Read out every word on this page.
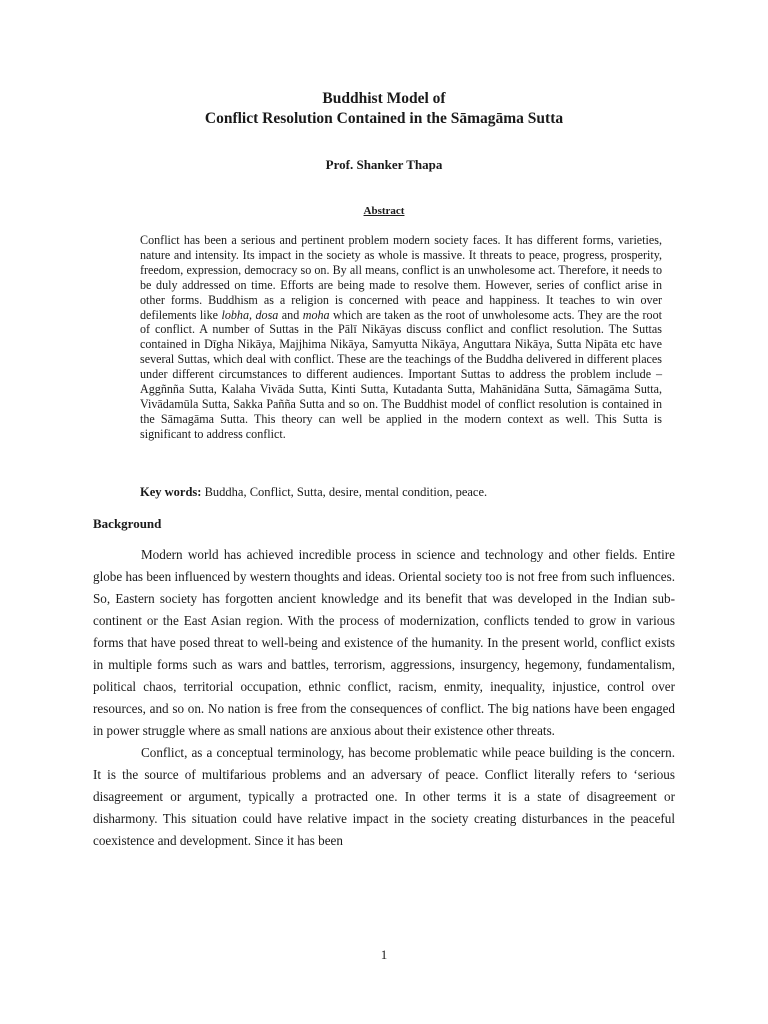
Buddhist Model of
Conflict Resolution Contained in the Sāmagāma Sutta
Prof. Shanker Thapa
Abstract
Conflict has been a serious and pertinent problem modern society faces. It has different forms, varieties, nature and intensity. Its impact in the society as whole is massive. It threats to peace, progress, prosperity, freedom, expression, democracy so on. By all means, conflict is an unwholesome act. Therefore, it needs to be duly addressed on time. Efforts are being made to resolve them. However, series of conflict arise in other forms. Buddhism as a religion is concerned with peace and happiness. It teaches to win over defilements like lobha, dosa and moha which are taken as the root of unwholesome acts. They are the root of conflict. A number of Suttas in the Pālī Nikāyas discuss conflict and conflict resolution. The Suttas contained in Dīgha Nikāya, Majjhima Nikāya, Samyutta Nikāya, Anguttara Nikāya, Sutta Nipāta etc have several Suttas, which deal with conflict. These are the teachings of the Buddha delivered in different places under different circumstances to different audiences. Important Suttas to address the problem include – Aggñnña Sutta, Kalaha Vivāda Sutta, Kinti Sutta, Kutadanta Sutta, Mahānidāna Sutta, Sāmagāma Sutta, Vivādamūla Sutta, Sakka Pañña Sutta and so on. The Buddhist model of conflict resolution is contained in the Sāmagāma Sutta. This theory can well be applied in the modern context as well. This Sutta is significant to address conflict.
Key words: Buddha, Conflict, Sutta, desire, mental condition, peace.
Background

Modern world has achieved incredible process in science and technology and other fields. Entire globe has been influenced by western thoughts and ideas. Oriental society too is not free from such influences. So, Eastern society has forgotten ancient knowledge and its benefit that was developed in the Indian sub-continent or the East Asian region. With the process of modernization, conflicts tended to grow in various forms that have posed threat to well-being and existence of the humanity. In the present world, conflict exists in multiple forms such as wars and battles, terrorism, aggressions, insurgency, hegemony, fundamentalism, political chaos, territorial occupation, ethnic conflict, racism, enmity, inequality, injustice, control over resources, and so on. No nation is free from the consequences of conflict. The big nations have been engaged in power struggle where as small nations are anxious about their existence other threats.

Conflict, as a conceptual terminology, has become problematic while peace building is the concern. It is the source of multifarious problems and an adversary of peace. Conflict literally refers to ‘serious disagreement or argument, typically a protracted one. In other terms it is a state of disagreement or disharmony. This situation could have relative impact in the society creating disturbances in the peaceful coexistence and development. Since it has been

1
